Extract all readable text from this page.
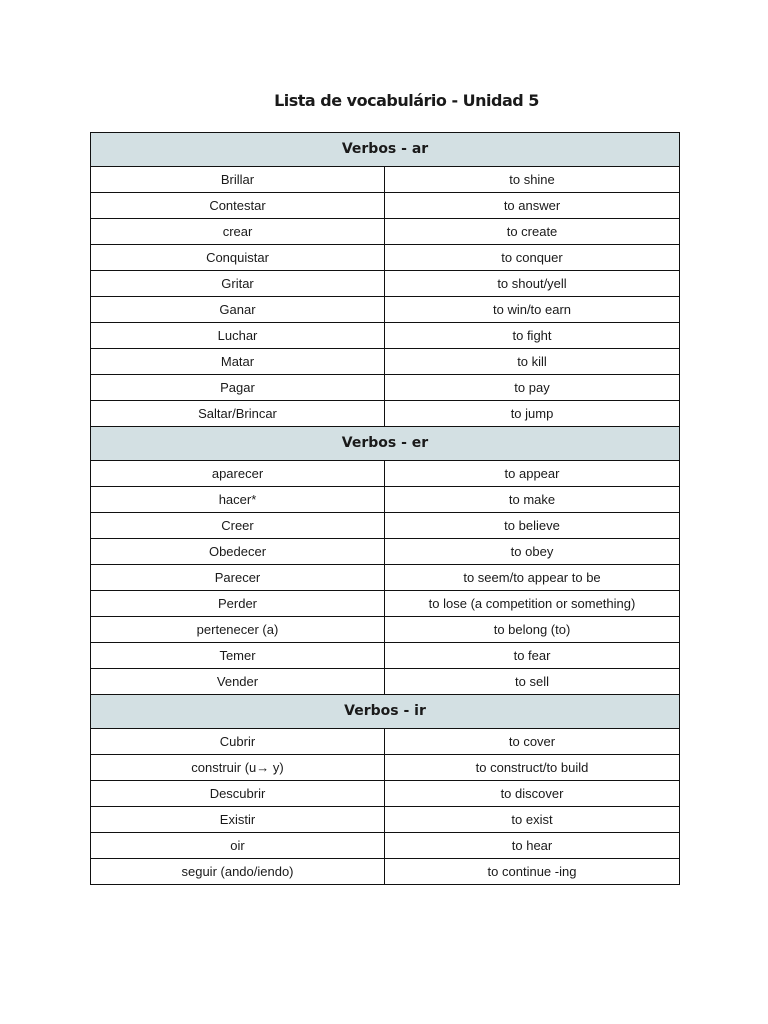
Lista de vocabulário - Unidad 5
Verbos - ar	
Brillar	to shine
Contestar	to answer
crear	to create
Conquistar	to conquer
Gritar	to shout/yell
Ganar	to win/to earn
Luchar	to fight
Matar	to kill
Pagar	to pay
Saltar/Brincar	to jump
Verbos - er	
aparecer	to appear
hacer*	to make
Creer	to believe
Obedecer	to obey
Parecer	to seem/to appear to be
Perder	to lose (a competition or something)
pertenecer (a)	to belong (to)
Temer	to fear
Vender	to sell
Verbos - ir	
Cubrir	to cover
construir (u→ y)	to construct/to build
Descubrir	to discover
Existir	to exist
oir	to hear
seguir (ando/iendo)	to continue -ing
